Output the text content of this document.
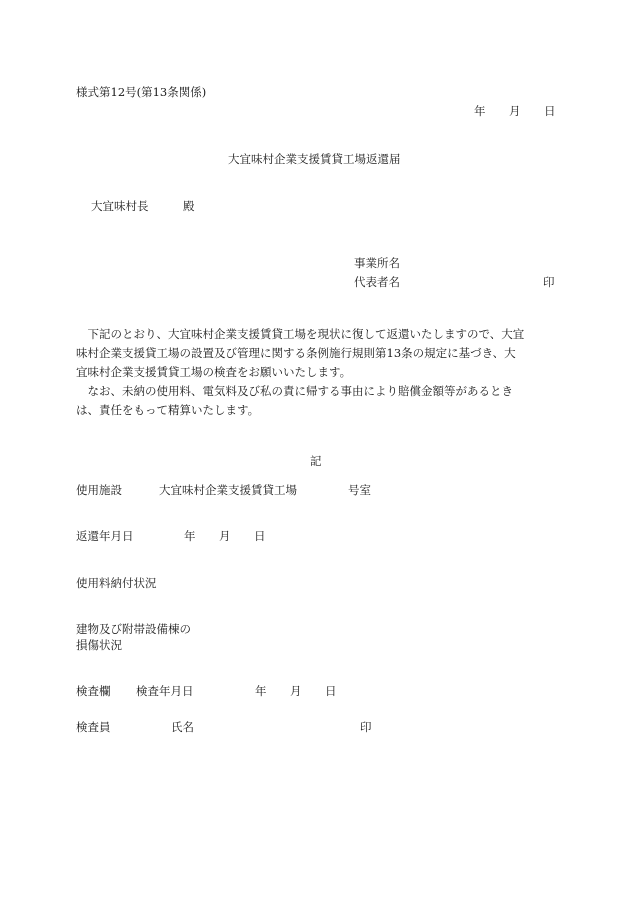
様式第12号(第13条関係)
年 月 日
大宜味村企業支援賃貸工場返還届
大宜味村長	殿
事業所名
代表者名	印

下記のとおり、大宜味村企業支援賃貸工場を現状に復して返還いたしますので、大宜味村企業支援貸工場の設置及び管理に関する条例施行規則第13条の規定に基づき、大宜味村企業支援賃貸工場の検査をお願いいたします。

なお、未納の使用料、電気料及び私の責に帰する事由により賠償金額等があるときは、責任をもって精算いたします。

記
使用施設	大宜味村企業支援賃貸工場	号室
返還年月日	年 月 日
使用料納付状況
建物及び附帯設備棟の
損傷状況
検査欄 検査年月日	年 月 日
検査員	氏名	印
